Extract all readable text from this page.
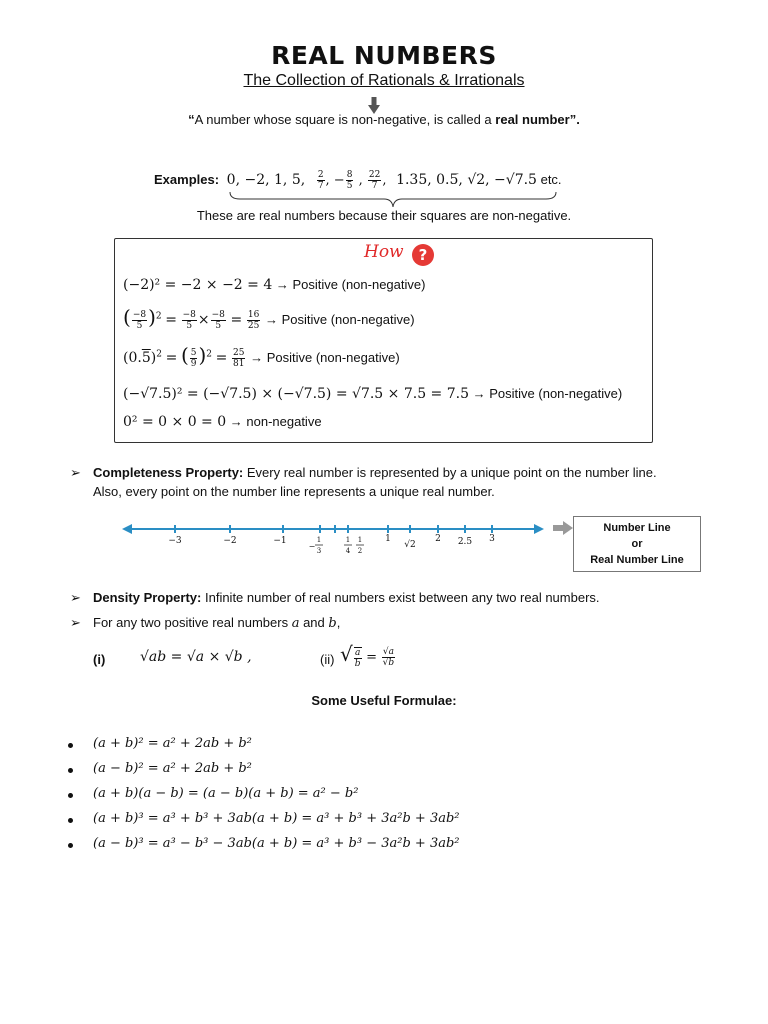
REAL NUMBERS
The Collection of Rationals & Irrationals
“A number whose square is non-negative, is called a real number”.
Examples: 0, −2, 1, 5, $\frac{2}{7}$ , − $\frac{8}{5}$ , $\frac{22}{7}$ , 1.35, 0.5̅, √2, −√7.5 etc.
These are real numbers because their squares are non-negative.
How	?
(−2)² = −2 × −2 = 4 → Positive (non-negative)
( $\frac{-8}{5} )^2 = \frac{-8}{5} \times \frac{-8}{5} = \frac{16}{25}$ → Positive (non-negative)
$(0.5)^2$ = ( $\frac{5}{9} )^2 = \frac{25}{81}$ → Positive (non-negative)
(−√7.5)² = (−√7.5) × (−√7.5) = √7.5 × 7.5 = 7.5 → Positive (non-negative)
0² = 0 × 0 = 0 → non-negative
➢ Completeness Property: Every real number is represented by a unique point on the number line.
Also, every point on the number line represents a unique real number.
−3	−2	−1	1	2 2.5 3
√2
−
1
3
1
4
1
2
Number Line
or
Real Number Line
➢ Density Property: Infinite number of real numbers exist between any two real numbers.
➢ For any two positive real numbers a and b,
(i) √ab = √a × √b ,	(ii) √ $\frac{a}{b} = \frac{√a}{√b}$
Some Useful Formulae:
(a + b)² = a² + 2ab + b²
(a − b)² = a² + 2ab + b²
(a + b)(a − b) = (a − b)(a + b) = a² − b²
(a + b)³ = a³ + b³ + 3ab(a + b) = a³ + b³ + 3a²b + 3ab²
(a − b)³ = a³ − b³ − 3ab(a + b) = a³ + b³ − 3a²b + 3ab²
